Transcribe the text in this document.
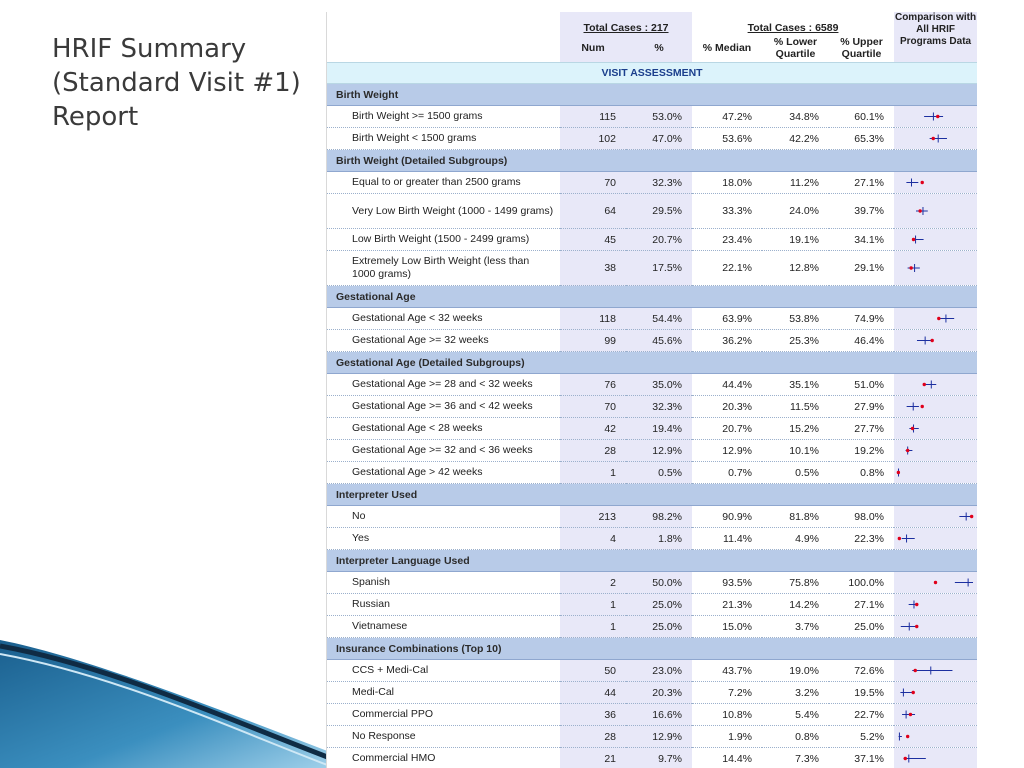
HRIF Summary
(Standard Visit #1)
Report
	Total Cases : 217		Total Cases : 6589			Comparison with All HRIF Programs Data
	Num	%	% Median	% Lower Quartile	% Upper Quartile	
VISIT ASSESSMENT						
Birth Weight						
Birth Weight >= 1500 grams	115	53.0%	47.2%	34.8%	60.1%	

Birth Weight < 1500 grams	102	47.0%	53.6%	42.2%	65.3%	

Birth Weight (Detailed Subgroups)						
Equal to or greater than 2500 grams	70	32.3%	18.0%	11.2%	27.1%	

Very Low Birth Weight (1000 - 1499 grams)	64	29.5%	33.3%	24.0%	39.7%	

Low Birth Weight (1500 - 2499 grams)	45	20.7%	23.4%	19.1%	34.1%	

Extremely Low Birth Weight (less than 1000 grams)	38	17.5%	22.1%	12.8%	29.1%	

Gestational Age						
Gestational Age < 32 weeks	118	54.4%	63.9%	53.8%	74.9%	

Gestational Age >= 32 weeks	99	45.6%	36.2%	25.3%	46.4%	

Gestational Age (Detailed Subgroups)						
Gestational Age >= 28 and < 32 weeks	76	35.0%	44.4%	35.1%	51.0%	

Gestational Age >= 36 and < 42 weeks	70	32.3%	20.3%	11.5%	27.9%	

Gestational Age < 28 weeks	42	19.4%	20.7%	15.2%	27.7%	

Gestational Age >= 32 and < 36 weeks	28	12.9%	12.9%	10.1%	19.2%	

Gestational Age > 42 weeks	1	0.5%	0.7%	0.5%	0.8%	

Interpreter Used						
No	213	98.2%	90.9%	81.8%	98.0%	

Yes	4	1.8%	11.4%	4.9%	22.3%	

Interpreter Language Used						
Spanish	2	50.0%	93.5%	75.8%	100.0%	

Russian	1	25.0%	21.3%	14.2%	27.1%	

Vietnamese	1	25.0%	15.0%	3.7%	25.0%	

Insurance Combinations (Top 10)						
CCS + Medi-Cal	50	23.0%	43.7%	19.0%	72.6%	

Medi-Cal	44	20.3%	7.2%	3.2%	19.5%	

Commercial PPO	36	16.6%	10.8%	5.4%	22.7%	

No Response	28	12.9%	1.9%	0.8%	5.2%	

Commercial HMO	21	9.7%	14.4%	7.3%	37.1%	
